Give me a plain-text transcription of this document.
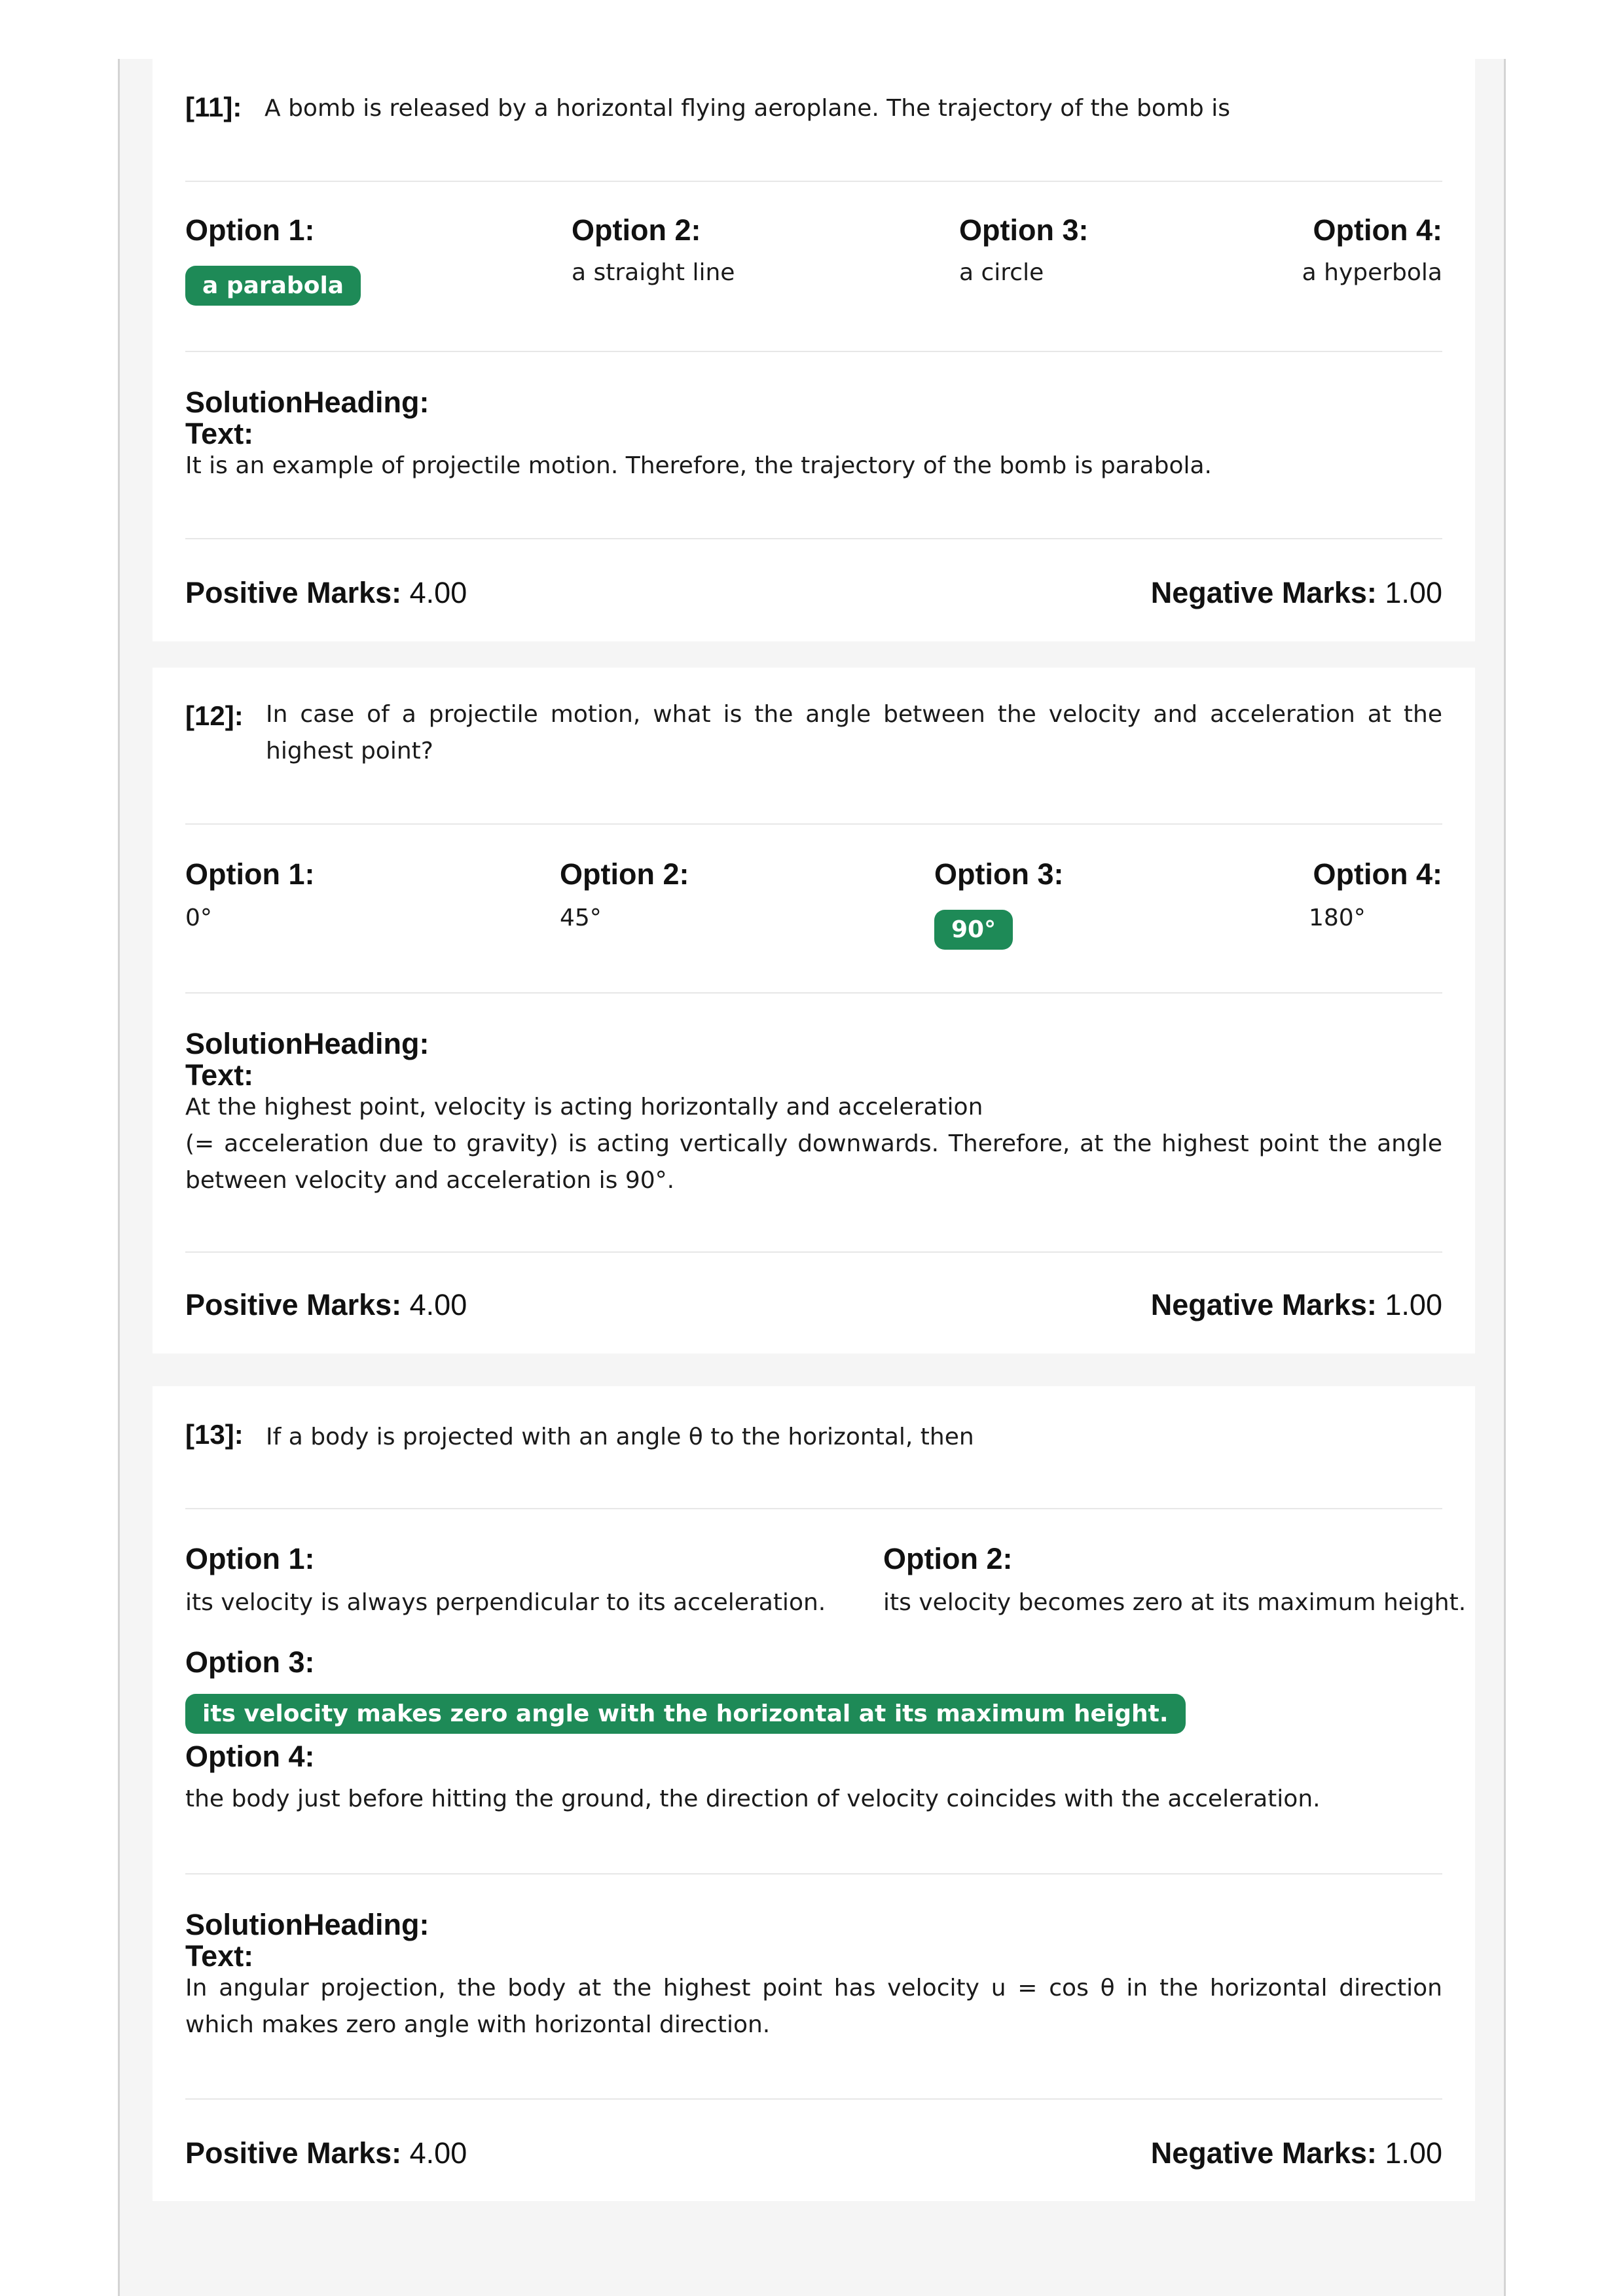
[11]: A bomb is released by a horizontal flying aeroplane. The trajectory of the bomb is
Option 1:
a parabola
Option 2:
a straight line
Option 3:
a circle
Option 4:
a hyperbola
SolutionHeading:
Text:
It is an example of projectile motion. Therefore, the trajectory of the bomb is parabola.
Positive Marks: 4.00	Negative Marks: 1.00
[12]: In case of a projectile motion, what is the angle between the velocity and acceleration at the highest point?
Option 1:
0°
Option 2:
45°
Option 3:
90°
Option 4:
180°
SolutionHeading:
Text:
At the highest point, velocity is acting horizontally and acceleration
(= acceleration due to gravity) is acting vertically downwards. Therefore, at the highest point the angle between velocity and acceleration is 90°.
Positive Marks: 4.00	Negative Marks: 1.00
[13]: If a body is projected with an angle θ to the horizontal, then
Option 1:
its velocity is always perpendicular to its acceleration.
Option 2:
its velocity becomes zero at its maximum height.
Option 3:
its velocity makes zero angle with the horizontal at its maximum height.
Option 4:
the body just before hitting the ground, the direction of velocity coincides with the acceleration.
SolutionHeading:
Text:
In angular projection, the body at the highest point has velocity u = cos θ in the horizontal direction which makes zero angle with horizontal direction.
Positive Marks: 4.00	Negative Marks: 1.00
